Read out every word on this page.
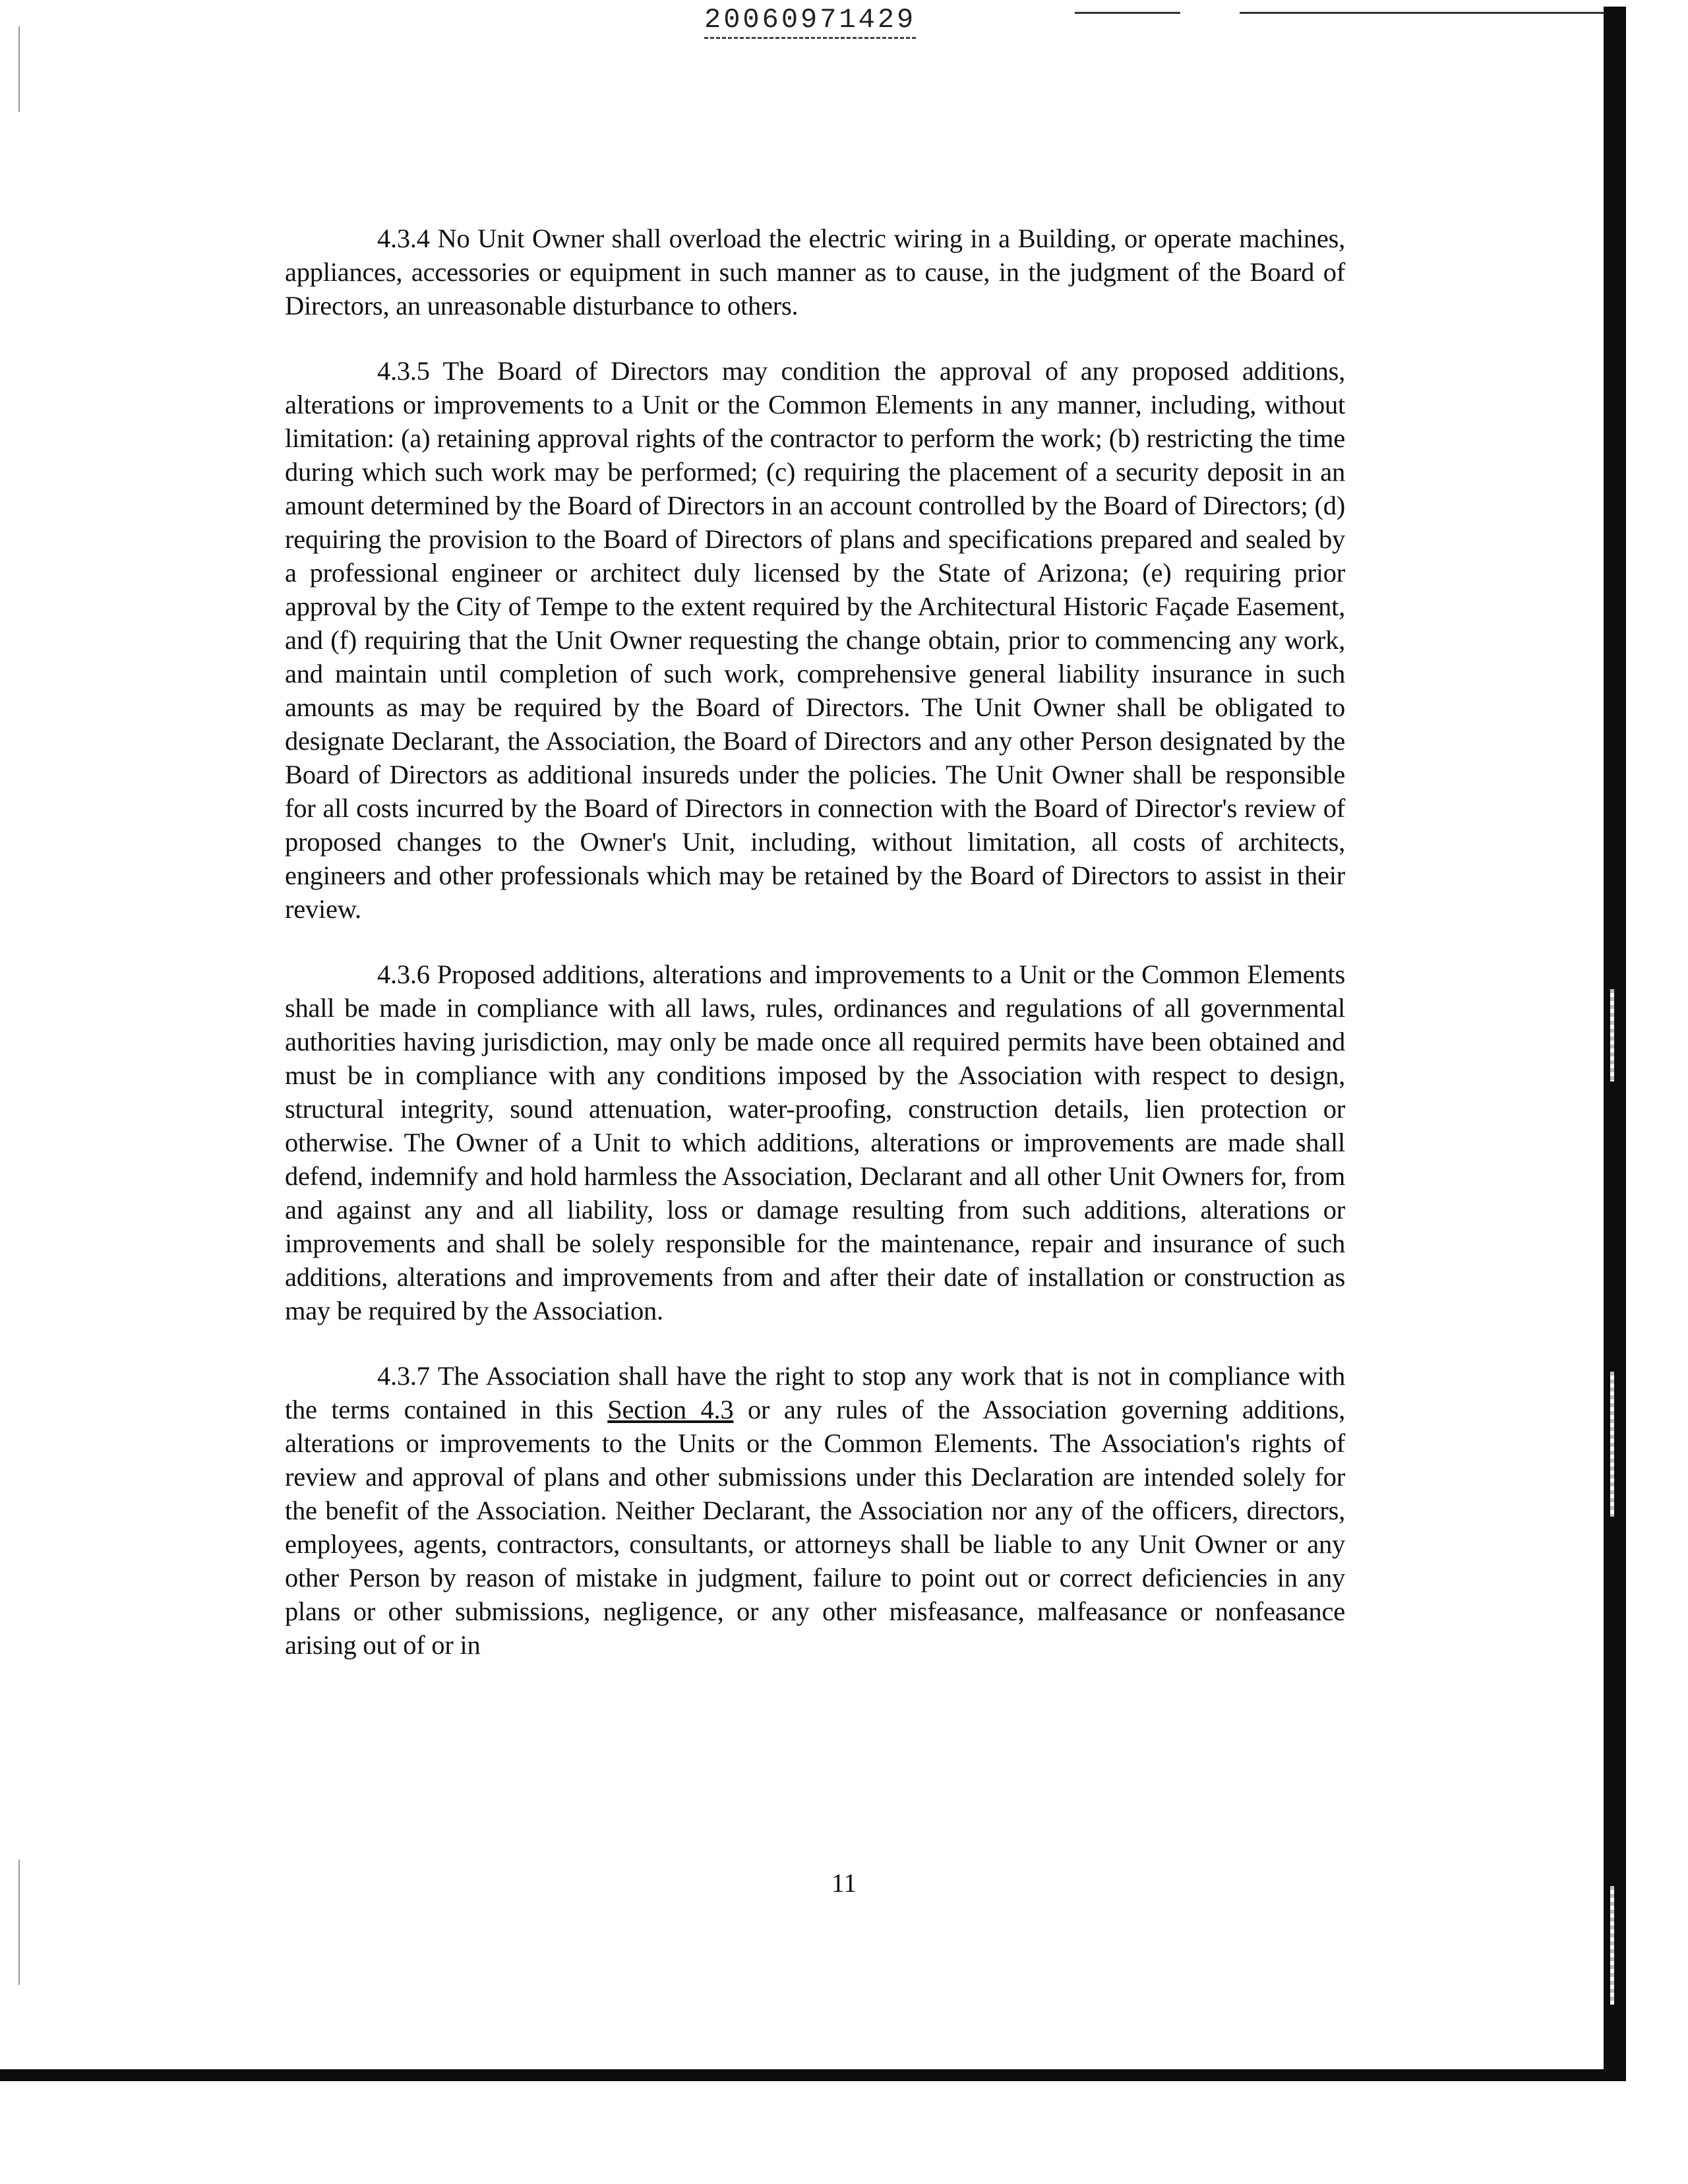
20060971429

4.3.4 No Unit Owner shall overload the electric wiring in a Building, or operate machines, appliances, accessories or equipment in such manner as to cause, in the judgment of the Board of Directors, an unreasonable disturbance to others.

4.3.5 The Board of Directors may condition the approval of any proposed additions, alterations or improvements to a Unit or the Common Elements in any manner, including, without limitation: (a) retaining approval rights of the contractor to perform the work; (b) restricting the time during which such work may be performed; (c) requiring the placement of a security deposit in an amount determined by the Board of Directors in an account controlled by the Board of Directors; (d) requiring the provision to the Board of Directors of plans and specifications prepared and sealed by a professional engineer or architect duly licensed by the State of Arizona; (e) requiring prior approval by the City of Tempe to the extent required by the Architectural Historic Façade Easement, and (f) requiring that the Unit Owner requesting the change obtain, prior to commencing any work, and maintain until completion of such work, comprehensive general liability insurance in such amounts as may be required by the Board of Directors. The Unit Owner shall be obligated to designate Declarant, the Association, the Board of Directors and any other Person designated by the Board of Directors as additional insureds under the policies. The Unit Owner shall be responsible for all costs incurred by the Board of Directors in connection with the Board of Director's review of proposed changes to the Owner's Unit, including, without limitation, all costs of architects, engineers and other professionals which may be retained by the Board of Directors to assist in their review.

4.3.6 Proposed additions, alterations and improvements to a Unit or the Common Elements shall be made in compliance with all laws, rules, ordinances and regulations of all governmental authorities having jurisdiction, may only be made once all required permits have been obtained and must be in compliance with any conditions imposed by the Association with respect to design, structural integrity, sound attenuation, water-proofing, construction details, lien protection or otherwise. The Owner of a Unit to which additions, alterations or improvements are made shall defend, indemnify and hold harmless the Association, Declarant and all other Unit Owners for, from and against any and all liability, loss or damage resulting from such additions, alterations or improvements and shall be solely responsible for the maintenance, repair and insurance of such additions, alterations and improvements from and after their date of installation or construction as may be required by the Association.

4.3.7 The Association shall have the right to stop any work that is not in compliance with the terms contained in this Section 4.3 or any rules of the Association governing additions, alterations or improvements to the Units or the Common Elements. The Association's rights of review and approval of plans and other submissions under this Declaration are intended solely for the benefit of the Association. Neither Declarant, the Association nor any of the officers, directors, employees, agents, contractors, consultants, or attorneys shall be liable to any Unit Owner or any other Person by reason of mistake in judgment, failure to point out or correct deficiencies in any plans or other submissions, negligence, or any other misfeasance, malfeasance or nonfeasance arising out of or in

11
